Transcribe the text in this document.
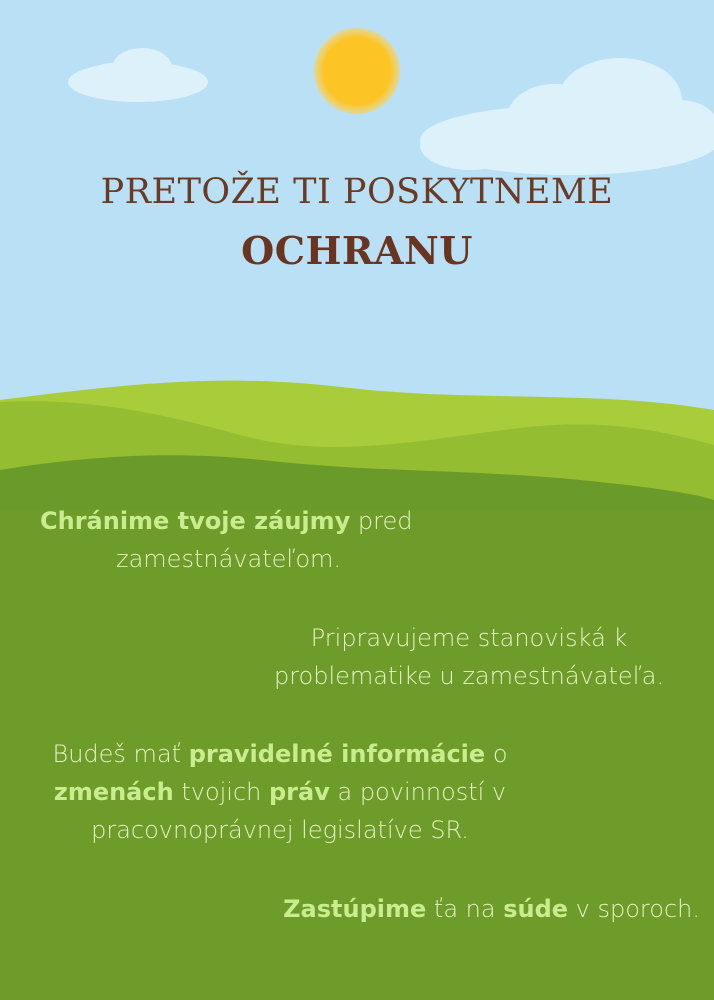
PRETOŽE TI POSKYTNEME
OCHRANU

Chránime tvoje záujmy pred
zamestnávateľom.

Pripravujeme stanoviská k
problematike u zamestnávateľa.

Budeš mať pravidelné informácie o
zmenách tvojich práv a povinností v
pracovnoprávnej legislatíve SR.

Zastúpime ťa na súde v sporoch.
